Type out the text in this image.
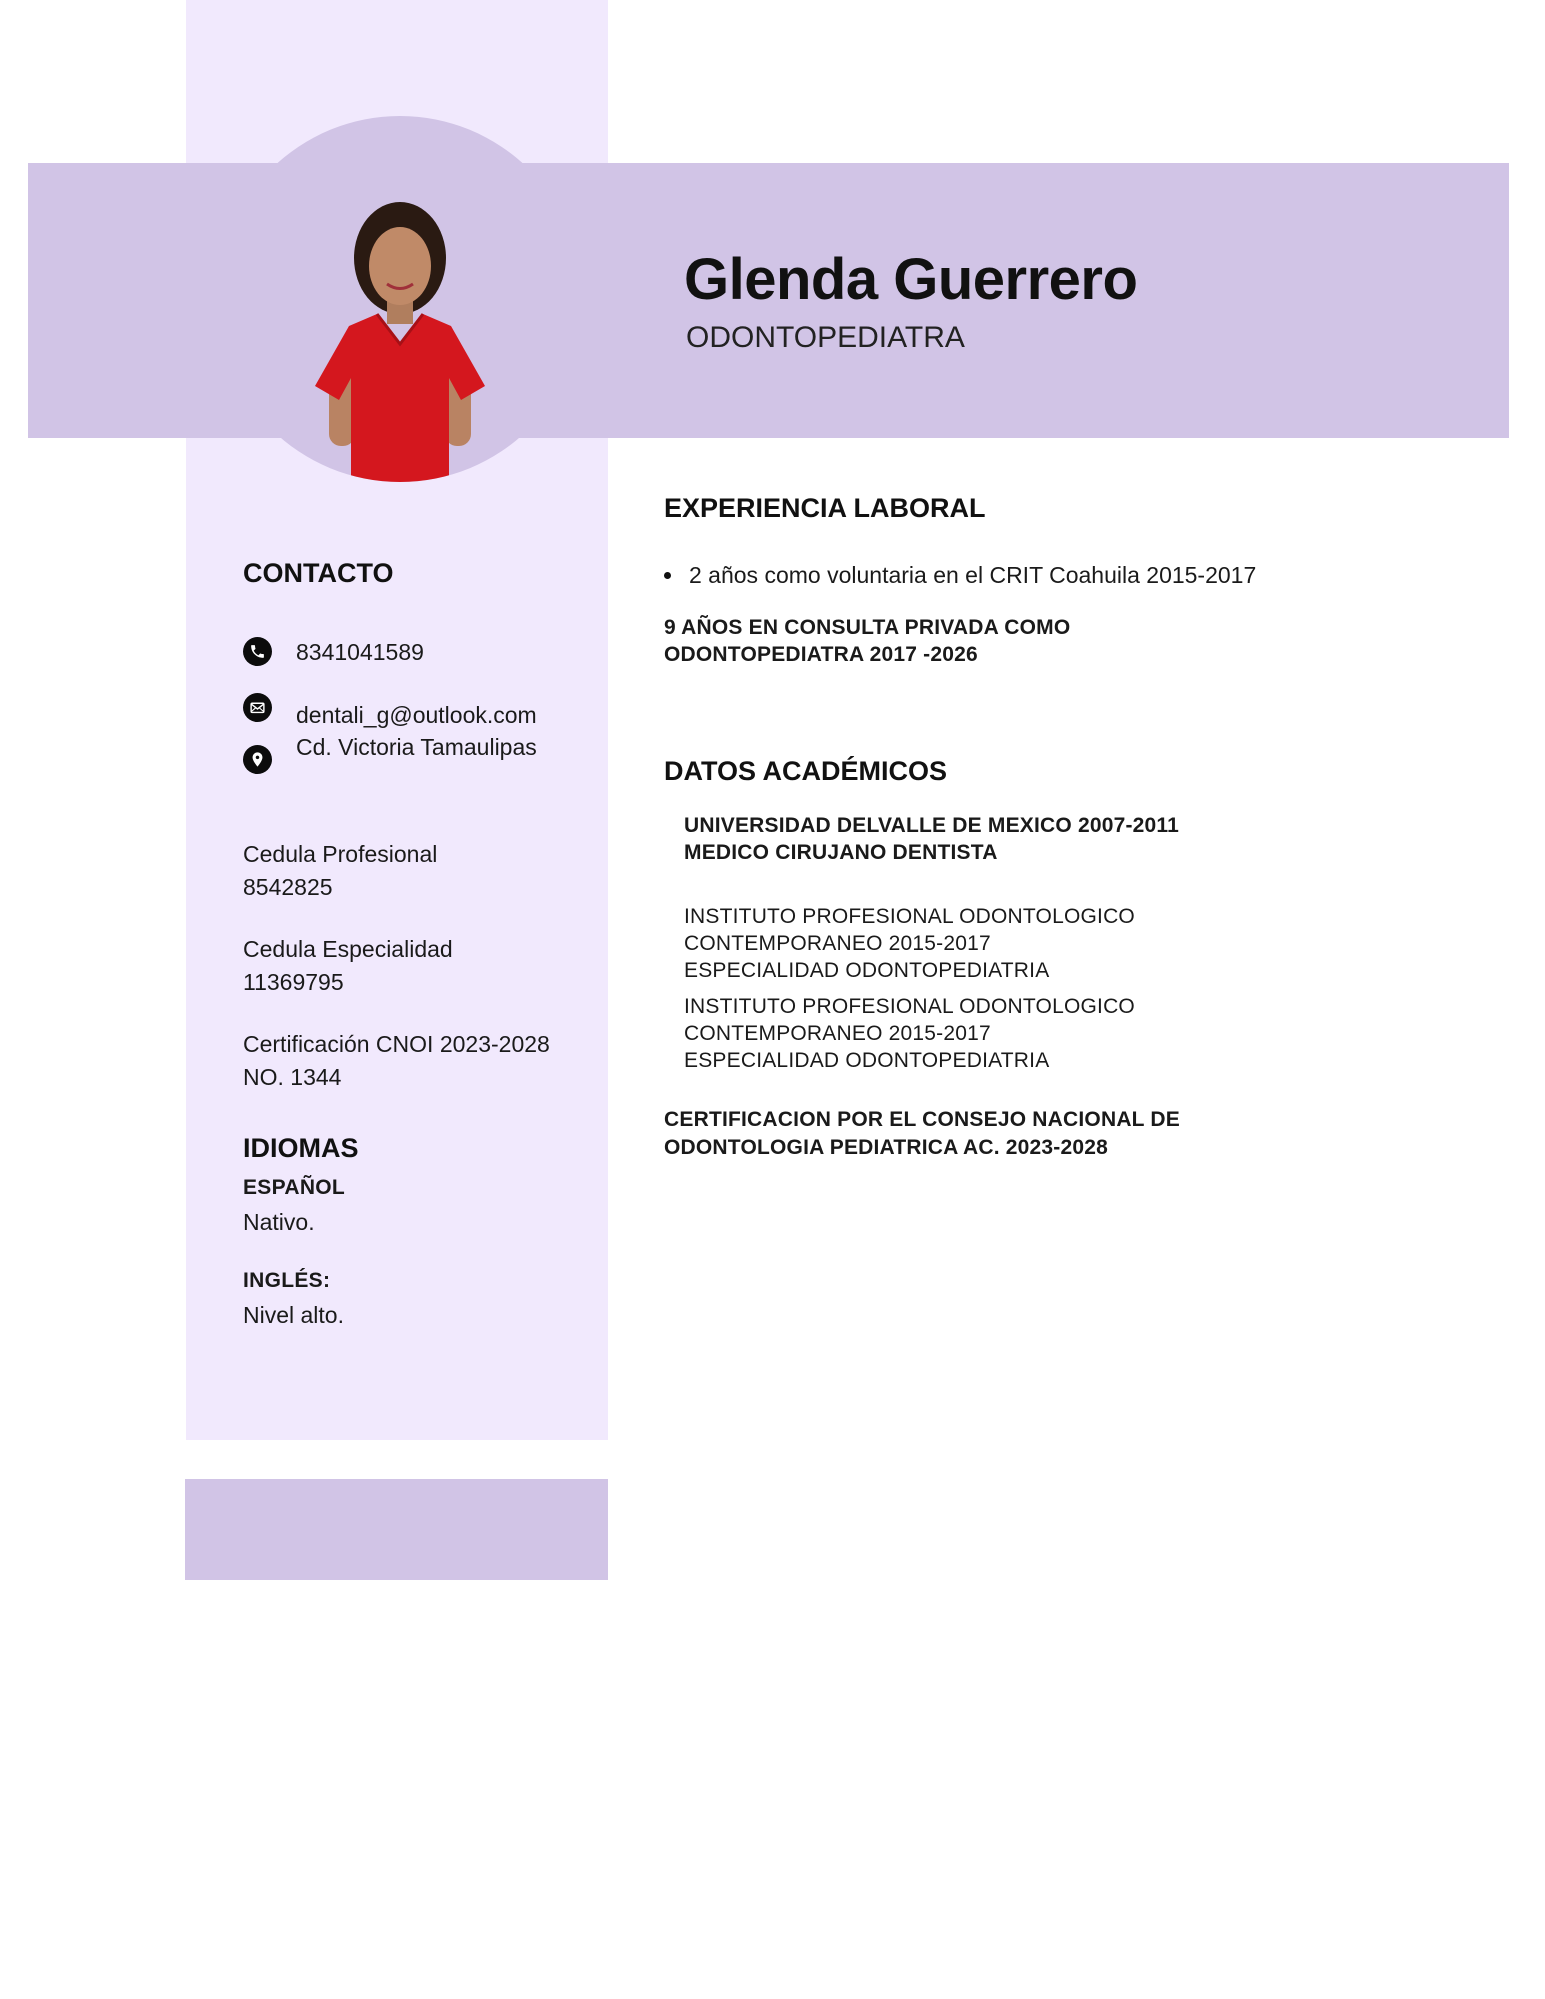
Glenda Guerrero
ODONTOPEDIATRA
CONTACTO
8341041589
dentali_g@outlook.com
Cd. Victoria Tamaulipas
Cedula Profesional
8542825
Cedula Especialidad
11369795
Certificación CNOI 2023-2028
NO. 1344
IDIOMAS
ESPAÑOL
Nativo.
INGLÉS:
Nivel alto.
EXPERIENCIA LABORAL
2 años como voluntaria en el CRIT Coahuila 2015-2017
9 AÑOS EN CONSULTA PRIVADA COMO
ODONTOPEDIATRA 2017 -2026
DATOS ACADÉMICOS
UNIVERSIDAD DELVALLE DE MEXICO 2007-2011
MEDICO CIRUJANO DENTISTA
INSTITUTO PROFESIONAL ODONTOLOGICO
CONTEMPORANEO 2015-2017
ESPECIALIDAD ODONTOPEDIATRIA
INSTITUTO PROFESIONAL ODONTOLOGICO
CONTEMPORANEO 2015-2017
ESPECIALIDAD ODONTOPEDIATRIA
CERTIFICACION POR EL CONSEJO NACIONAL DE
ODONTOLOGIA PEDIATRICA AC. 2023-2028
